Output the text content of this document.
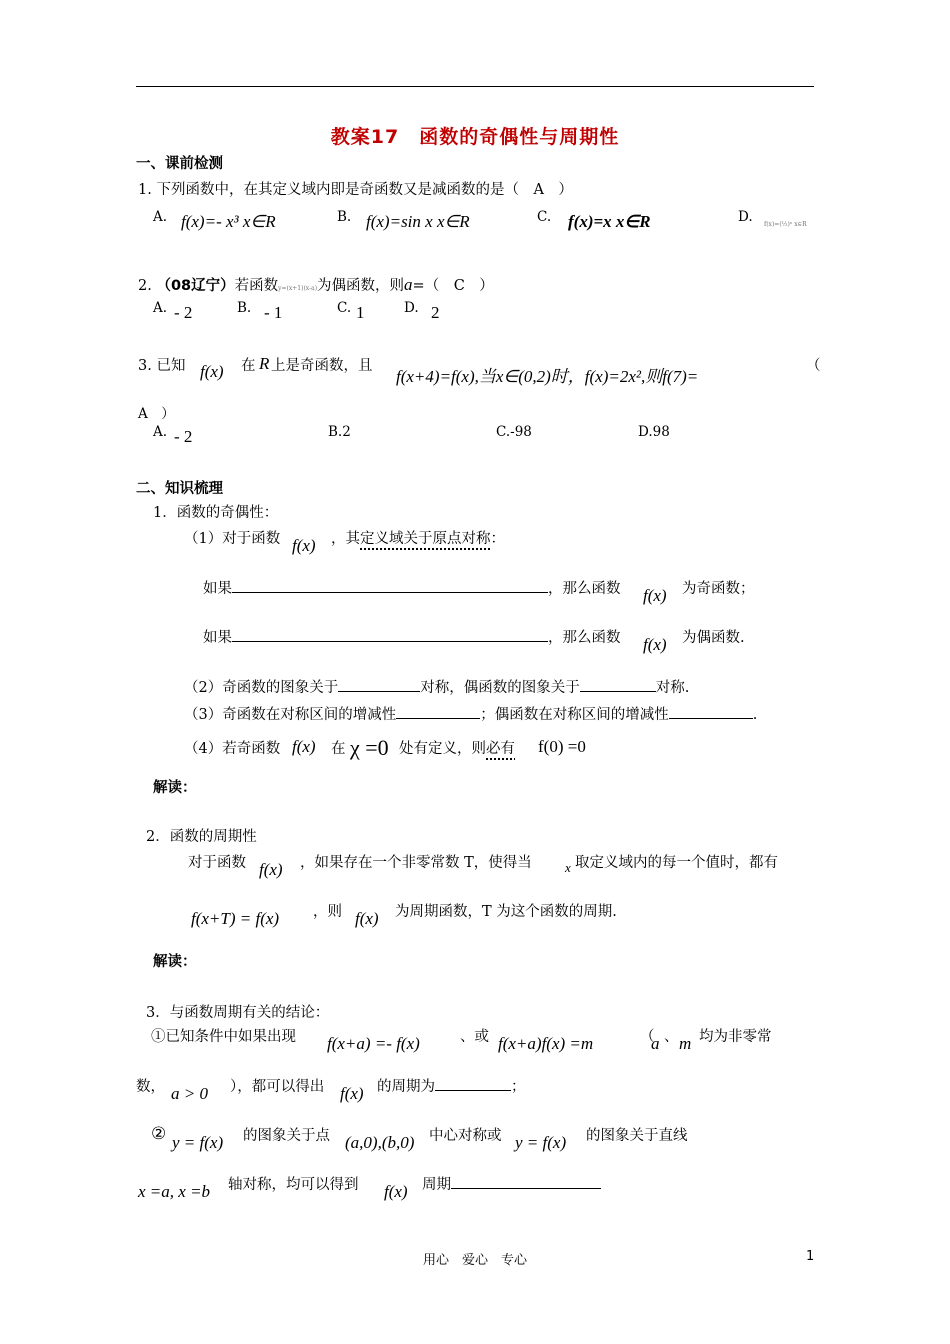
教案17　函数的奇偶性与周期性
一、课前检测
1. 下列函数中，在其定义域内即是奇函数又是减函数的是（　A　）
A. f(x)=- x³ x∈R	B. f(x)=sin x x∈R	C. f(x)=x x∈R	D. f(x)=(½)ˣ x∈R
2. （08辽宁）若函数y=(x+1)(x-a)为偶函数，则a=（　C　）
A. - 2	B. - 1	C. 1	D. 2
3. 已知 f(x) 在 R 上是奇函数，且
f(x+4)=f(x),当x∈(0,2)时，f(x)=2x²,则f(7)=
（
A　）
A. - 2	B.2	C.-98	D.98
二、知识梳理
1．函数的奇偶性：
（1）对于函数 f(x) ，其定义域关于原点对称：
如果	，那么函数 f(x) 为奇函数；
如果	，那么函数 f(x) 为偶函数.
（2）奇函数的图象关于	对称，偶函数的图象关于	对称.
（3）奇函数在对称区间的增减性	；偶函数在对称区间的增减性	.
（4）若奇函数 f(x) 在 χ =0 处有定义，则必有 f(0) =0
解读：
2．函数的周期性
对于函数 f(x) ，如果存在一个非零常数 T，使得当	x 取定义域内的每一个值时，都有
f(x+T) = f(x) ，则 f(x) 为周期函数，T 为这个函数的周期.
解读：
3．与函数周期有关的结论：
①已知条件中如果出现 f(x+a) =- f(x)	、或 f(x+a)f(x) =m	（
a 、 m 均为非零常
数， a > 0 ），都可以得出 f(x) 的周期为	；
② y = f(x) 的图象关于点 (a,0),(b,0) 中心对称或 y = f(x) 的图象关于直线
x =a, x =b 轴对称，均可以得到 f(x) 周期
用心　爱心　专心	1
